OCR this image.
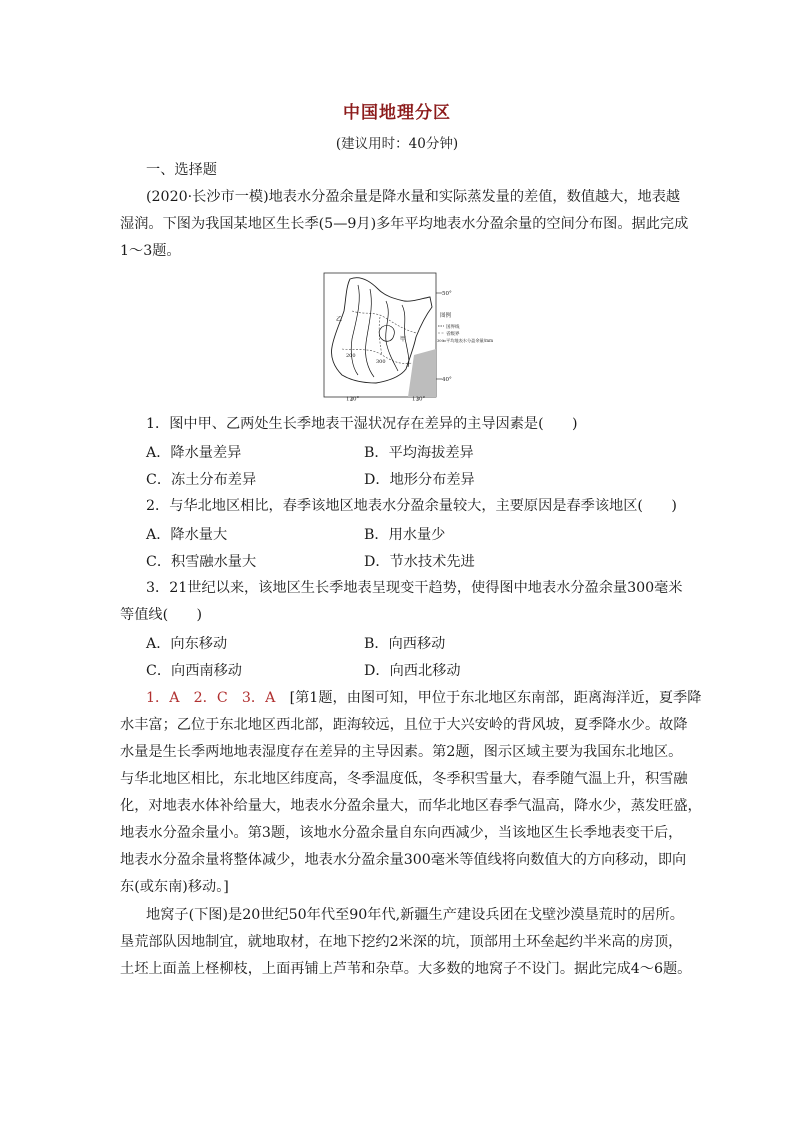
中国地理分区
(建议用时：40分钟)
一、选择题
(2020·长沙市一模)地表水分盈余量是降水量和实际蒸发量的差值，数值越大，地表越
湿润。下图为我国某地区生长季(5—9月)多年平均地表水分盈余量的空间分布图。据此完成
1～3题。
50°
40°
120°	130°
甲
乙
200
300
图例
国界线
省级界
300 平均地表水分盈余量/mm
1．图中甲、乙两处生长季地表干湿状况存在差异的主导因素是(　　)
A．降水量差异	B．平均海拔差异
C．冻土分布差异	D．地形分布差异
2．与华北地区相比，春季该地区地表水分盈余量较大，主要原因是春季该地区(　　)
A．降水量大	B．用水量少
C．积雪融水量大	D．节水技术先进
3．21世纪以来，该地区生长季地表呈现变干趋势，使得图中地表水分盈余量300毫米
等值线(　　)
A．向东移动	B．向西移动
C．向西南移动	D．向西北移动
1．A　2．C　3．A　 [第1题，由图可知，甲位于东北地区东南部，距离海洋近，夏季降
水丰富；乙位于东北地区西北部，距海较远，且位于大兴安岭的背风坡，夏季降水少。故降
水量是生长季两地地表湿度存在差异的主导因素。第2题，图示区域主要为我国东北地区。
与华北地区相比，东北地区纬度高，冬季温度低，冬季积雪量大，春季随气温上升，积雪融
化，对地表水体补给量大，地表水分盈余量大，而华北地区春季气温高，降水少，蒸发旺盛，
地表水分盈余量小。第3题，该地水分盈余量自东向西减少，当该地区生长季地表变干后，
地表水分盈余量将整体减少，地表水分盈余量300毫米等值线将向数值大的方向移动，即向
东(或东南)移动。]
地窝子(下图)是20世纪50年代至90年代,新疆生产建设兵团在戈壁沙漠垦荒时的居所。
垦荒部队因地制宜，就地取材，在地下挖约2米深的坑，顶部用土环垒起约半米高的房顶，
土坯上面盖上柽柳枝，上面再铺上芦苇和杂草。大多数的地窝子不设门。据此完成4～6题。
